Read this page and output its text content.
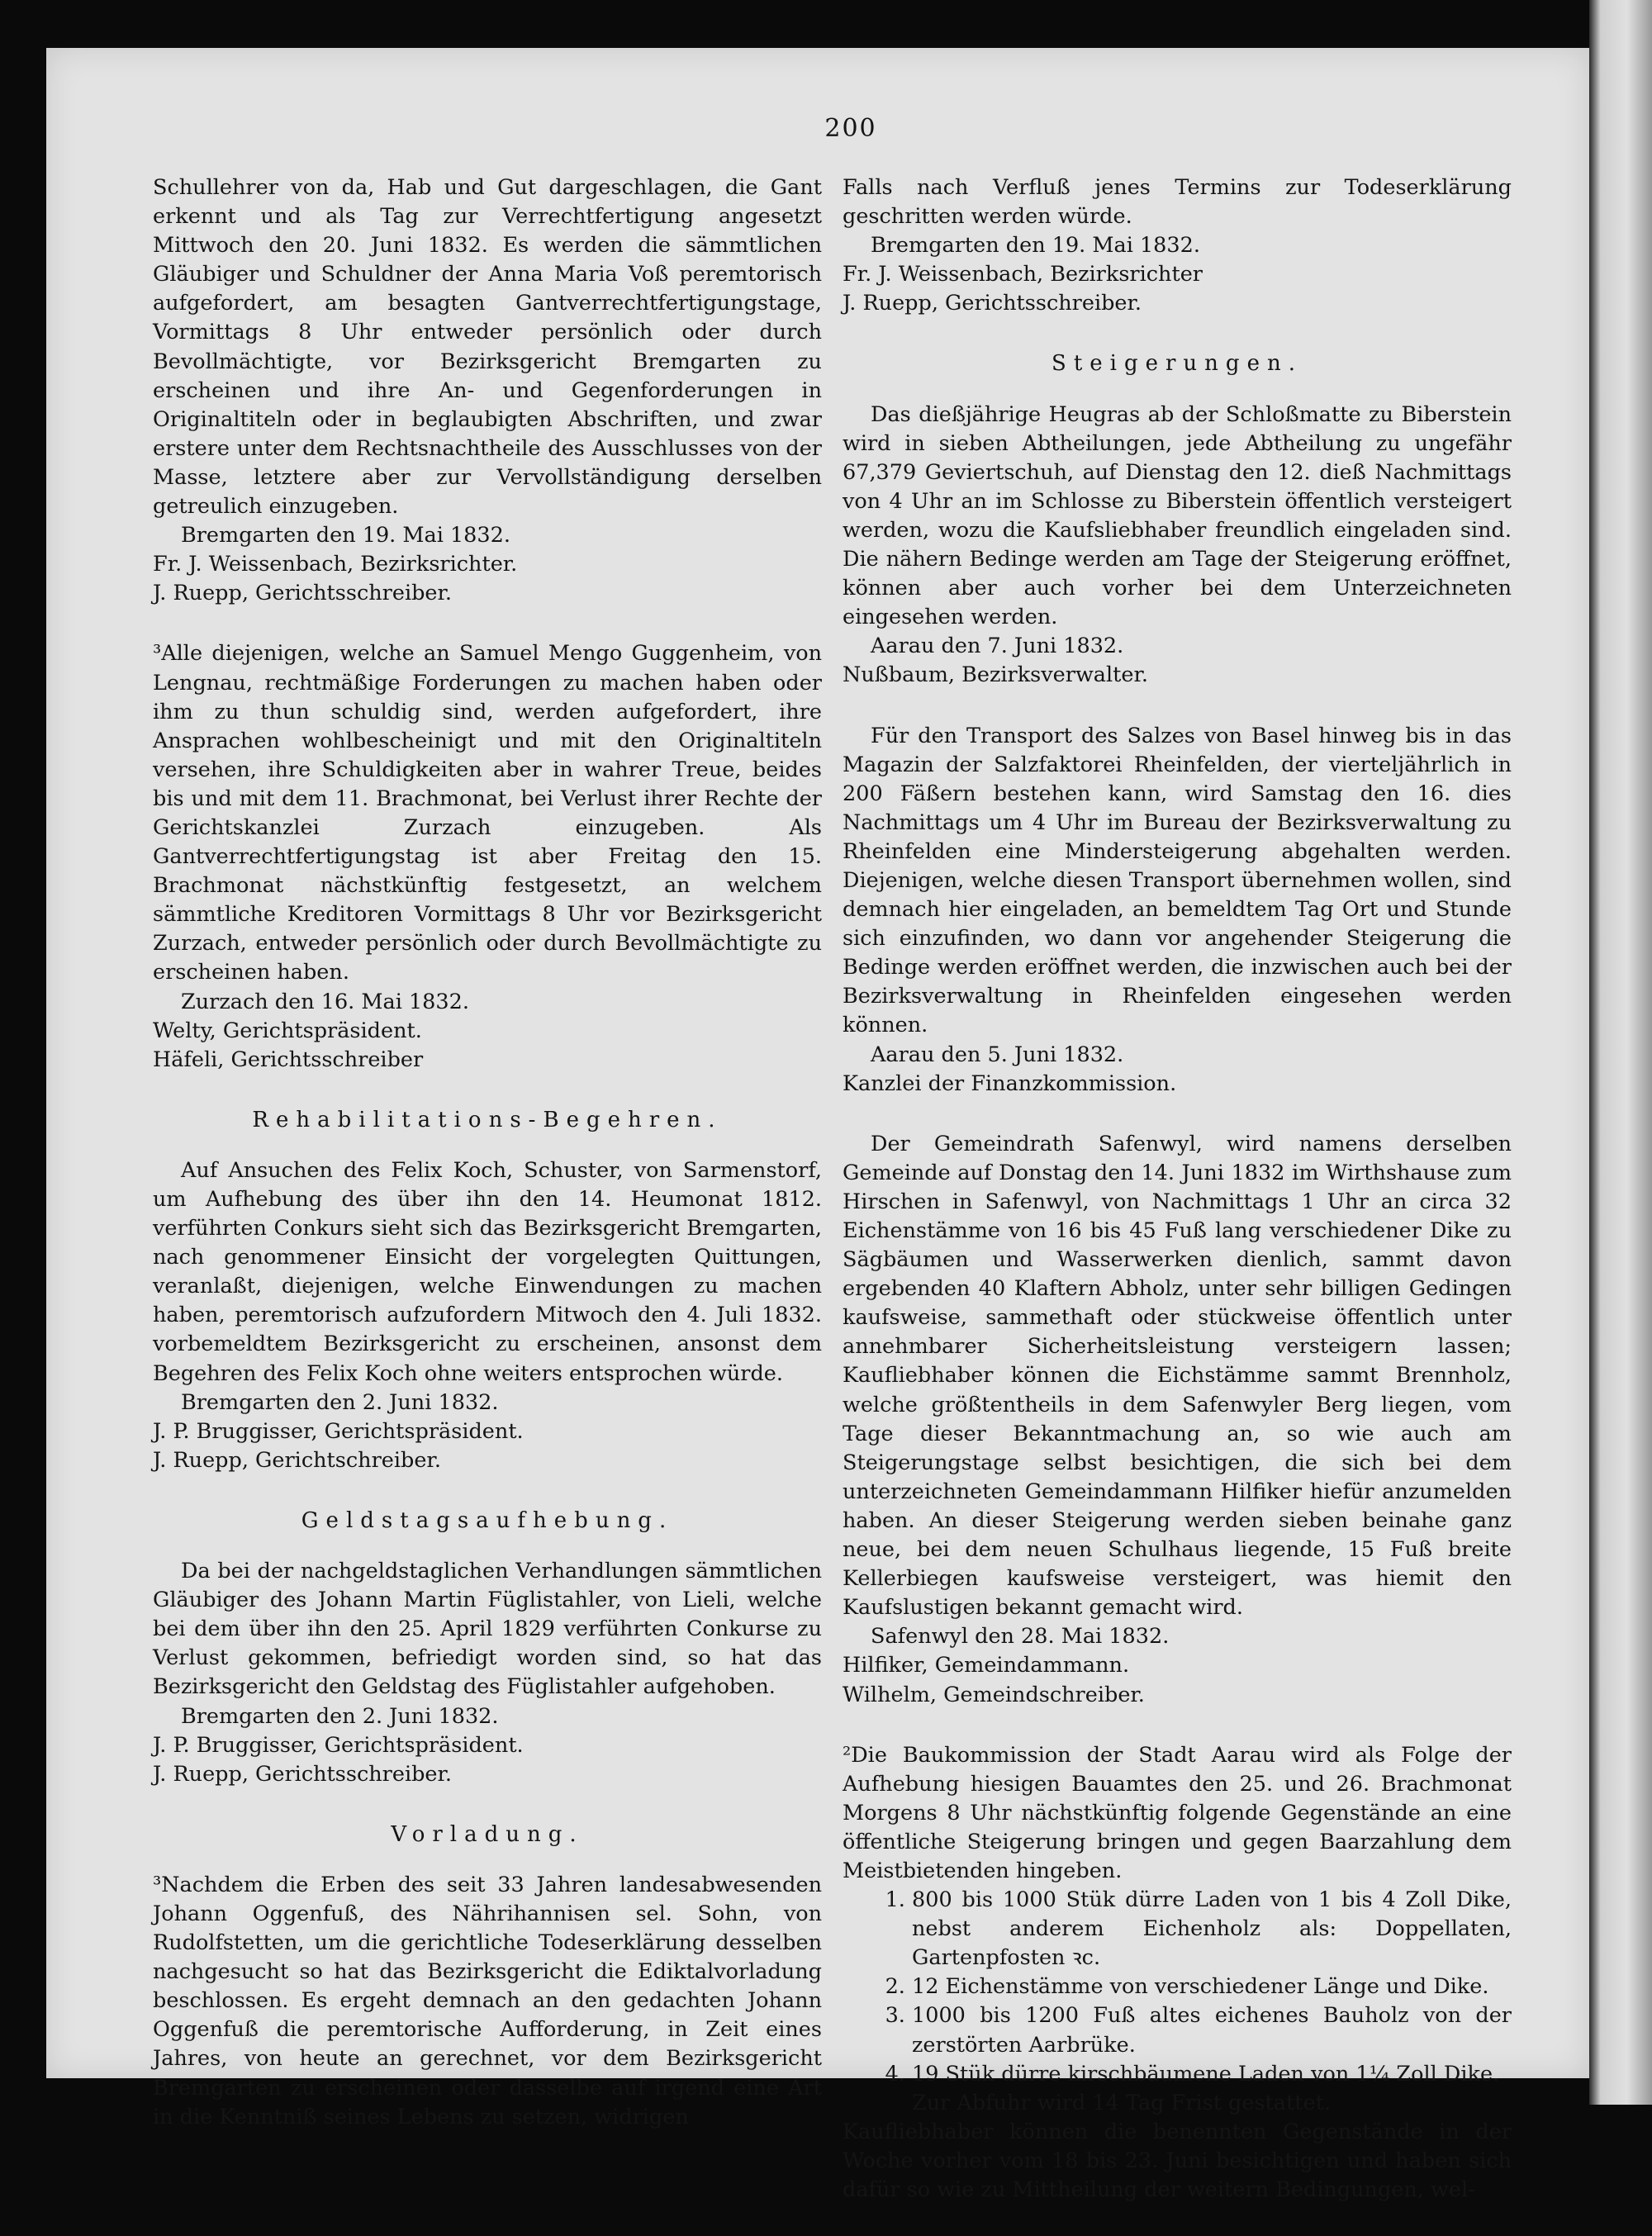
200

Schullehrer von da, Hab und Gut dargeschlagen, die Gant erkennt und als Tag zur Verrechtfertigung angesetzt Mittwoch den 20. Juni 1832. Es werden die sämmtlichen Gläubiger und Schuldner der Anna Maria Voß peremtorisch aufgefordert, am besagten Gantverrechtfertigungstage, Vormittags 8 Uhr entweder persönlich oder durch Bevollmächtigte, vor Bezirksgericht Bremgarten zu erscheinen und ihre An- und Gegenforderungen in Originaltiteln oder in beglaubigten Abschriften, und zwar erstere unter dem Rechtsnachtheile des Ausschlusses von der Masse, letztere aber zur Vervollständigung derselben getreulich einzugeben.

Bremgarten den 19. Mai 1832.

Fr. J. Weissenbach, Bezirksrichter.

J. Ruepp, Gerichtsschreiber.

³Alle diejenigen, welche an Samuel Mengo Guggenheim, von Lengnau, rechtmäßige Forderungen zu machen haben oder ihm zu thun schuldig sind, werden aufgefordert, ihre Ansprachen wohlbescheinigt und mit den Originaltiteln versehen, ihre Schuldigkeiten aber in wahrer Treue, beides bis und mit dem 11. Brachmonat, bei Verlust ihrer Rechte der Gerichtskanzlei Zurzach einzugeben. Als Gantverrechtfertigungstag ist aber Freitag den 15. Brachmonat nächstkünftig festgesetzt, an welchem sämmtliche Kreditoren Vormittags 8 Uhr vor Bezirksgericht Zurzach, entweder persönlich oder durch Bevollmächtigte zu erscheinen haben.

Zurzach den 16. Mai 1832.

Welty, Gerichtspräsident.

Häfeli, Gerichtsschreiber

Rehabilitations-Begehren.

Auf Ansuchen des Felix Koch, Schuster, von Sarmenstorf, um Aufhebung des über ihn den 14. Heumonat 1812. verführten Conkurs sieht sich das Bezirksgericht Bremgarten, nach genommener Einsicht der vorgelegten Quittungen, veranlaßt, diejenigen, welche Einwendungen zu machen haben, peremtorisch aufzufordern Mitwoch den 4. Juli 1832. vorbemeldtem Bezirksgericht zu erscheinen, ansonst dem Begehren des Felix Koch ohne weiters entsprochen würde.

Bremgarten den 2. Juni 1832.

J. P. Bruggisser, Gerichtspräsident.

J. Ruepp, Gerichtschreiber.

Geldstagsaufhebung.

Da bei der nachgeldstaglichen Verhandlungen sämmtlichen Gläubiger des Johann Martin Füglistahler, von Lieli, welche bei dem über ihn den 25. April 1829 verführten Conkurse zu Verlust gekommen, befriedigt worden sind, so hat das Bezirksgericht den Geldstag des Füglistahler aufgehoben.

Bremgarten den 2. Juni 1832.

J. P. Bruggisser, Gerichtspräsident.

J. Ruepp, Gerichtsschreiber.

Vorladung.

³Nachdem die Erben des seit 33 Jahren landesabwesenden Johann Oggenfuß, des Nährihannisen sel. Sohn, von Rudolfstetten, um die gerichtliche Todeserklärung desselben nachgesucht so hat das Bezirksgericht die Ediktalvorladung beschlossen. Es ergeht demnach an den gedachten Johann Oggenfuß die peremtorische Aufforderung, in Zeit eines Jahres, von heute an gerechnet, vor dem Bezirksgericht Bremgarten zu erscheinen oder dasselbe auf irgend eine Art in die Kenntniß seines Lebens zu setzen, widrigen

Falls nach Verfluß jenes Termins zur Todeserklärung geschritten werden würde.

Bremgarten den 19. Mai 1832.

Fr. J. Weissenbach, Bezirksrichter

J. Ruepp, Gerichtsschreiber.

Steigerungen.

Das dießjährige Heugras ab der Schloßmatte zu Biberstein wird in sieben Abtheilungen, jede Abtheilung zu ungefähr 67,379 Geviertschuh, auf Dienstag den 12. dieß Nachmittags von 4 Uhr an im Schlosse zu Biberstein öffentlich versteigert werden, wozu die Kaufsliebhaber freundlich eingeladen sind. Die nähern Bedinge werden am Tage der Steigerung eröffnet, können aber auch vorher bei dem Unterzeichneten eingesehen werden.

Aarau den 7. Juni 1832.

Nußbaum, Bezirksverwalter.

Für den Transport des Salzes von Basel hinweg bis in das Magazin der Salzfaktorei Rheinfelden, der vierteljährlich in 200 Fäßern bestehen kann, wird Samstag den 16. dies Nachmittags um 4 Uhr im Bureau der Bezirksverwaltung zu Rheinfelden eine Mindersteigerung abgehalten werden. Diejenigen, welche diesen Transport übernehmen wollen, sind demnach hier eingeladen, an bemeldtem Tag Ort und Stunde sich einzufinden, wo dann vor angehender Steigerung die Bedinge werden eröffnet werden, die inzwischen auch bei der Bezirksverwaltung in Rheinfelden eingesehen werden können.

Aarau den 5. Juni 1832.

Kanzlei der Finanzkommission.

Der Gemeindrath Safenwyl, wird namens derselben Gemeinde auf Donstag den 14. Juni 1832 im Wirthshause zum Hirschen in Safenwyl, von Nachmittags 1 Uhr an circa 32 Eichenstämme von 16 bis 45 Fuß lang verschiedener Dike zu Sägbäumen und Wasserwerken dienlich, sammt davon ergebenden 40 Klaftern Abholz, unter sehr billigen Gedingen kaufsweise, sammethaft oder stückweise öffentlich unter annehmbarer Sicherheitsleistung versteigern lassen; Kaufliebhaber können die Eichstämme sammt Brennholz, welche größtentheils in dem Safenwyler Berg liegen, vom Tage dieser Bekanntmachung an, so wie auch am Steigerungstage selbst besichtigen, die sich bei dem unterzeichneten Gemeindammann Hilfiker hiefür anzumelden haben. An dieser Steigerung werden sieben beinahe ganz neue, bei dem neuen Schulhaus liegende, 15 Fuß breite Kellerbiegen kaufsweise versteigert, was hiemit den Kaufslustigen bekannt gemacht wird.

Safenwyl den 28. Mai 1832.

Hilfiker, Gemeindammann.

Wilhelm, Gemeindschreiber.

²Die Baukommission der Stadt Aarau wird als Folge der Aufhebung hiesigen Bauamtes den 25. und 26. Brachmonat Morgens 8 Uhr nächstkünftig folgende Gegenstände an eine öffentliche Steigerung bringen und gegen Baarzahlung dem Meistbietenden hingeben.

1. 800 bis 1000 Stük dürre Laden von 1 bis 4 Zoll Dike, nebst anderem Eichenholz als: Doppellaten, Gartenpfosten ꝛc.
2. 12 Eichenstämme von verschiedener Länge und Dike.
3. 1000 bis 1200 Fuß altes eichenes Bauholz von der zerstörten Aarbrüke.
4. 19 Stük dürre kirschbäumene Laden von 1¼ Zoll Dike.

Zur Abfuhr wird 14 Tag Frist gestattet.

Kaufliebhaber können die benennten Gegenstände in der Woche vorher vom 18 bis 23. Juni besichtigen und haben sich dafür so wie zu Mittheilung der weitern Bedingungen, wel-
